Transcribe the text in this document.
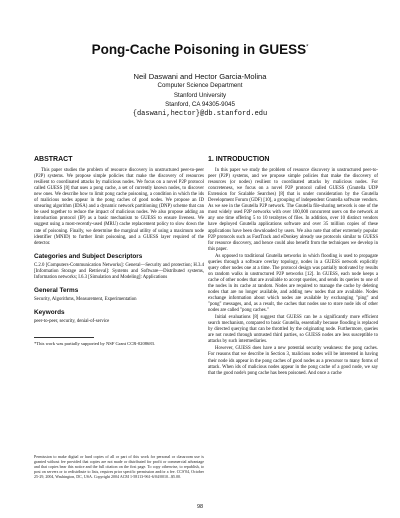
Pong-Cache Poisoning in GUESS*
Neil Daswani and Hector Garcia-Molina
Computer Science Department
Stanford University
Stanford, CA 94305-9045
{daswani,hector}@db.stanford.edu
ABSTRACT

This paper studies the problem of resource discovery in unstructured peer-to-peer (P2P) systems. We propose simple policies that make the discovery of resources resilient to coordinated attacks by malicious nodes. We focus on a novel P2P protocol called GUESS [8] that uses a pong cache, a set of currently known nodes, to discover new ones. We describe how to limit pong cache poisoning, a condition in which the ids of malicious nodes appear in the pong caches of good nodes. We propose an ID smearing algorithm (IDSA) and a dynamic network partitioning (DNP) scheme that can be used together to reduce the impact of malicious nodes. We also propose adding an introduction protocol (IP) as a basic mechanism to GUESS to ensure liveness. We suggest using a most-recently-used (MRU) cache replacement policy to slow down the rate of poisoning. Finally, we determine the marginal utility of using a maximum node identifier (MNID) to further limit poisoning, and a GUESS layer required of the detector.

Categories and Subject Descriptors

C.2.0 [Computers-Communication Networks]: General—Security and protection; H.3.4 [Information Storage and Retrieval]: Systems and Software—Distributed systems, Information networks; I.6.3 [Simulation and Modeling]: Applications

General Terms

Security, Algorithms, Measurement, Experimentation

Keywords

peer-to-peer, security, denial-of-service

*This work was partially supported by NSF Grant CCR-0208683.

Permission to make digital or hard copies of all or part of this work for personal or classroom use is granted without fee provided that copies are not made or distributed for profit or commercial advantage and that copies bear this notice and the full citation on the first page. To copy otherwise, to republish, to post on servers or to redistribute to lists, requires prior specific permission and/or a fee. CCS'04, October 25-29, 2004, Washington, DC, USA. Copyright 2004 ACM 1-58113-961-6/04/0010...$5.00.
1. INTRODUCTION

In this paper we study the problem of resource discovery in unstructured peer-to-peer (P2P) systems, and we propose simple policies that make the discovery of resources (or nodes) resilient to coordinated attacks by malicious nodes. For concreteness, we focus on a novel P2P protocol called GUESS (Gnutella UDP Extension for Scalable Searches) [8] that is under consideration by the Gnutella Development Forum (GDF) [10], a grouping of independent Gnutella software vendors. As we see in the Gnutella P2P network. The Gnutella file-sharing network is one of the most widely used P2P networks with over 100,000 concurrent users on the network at any one time offering 5 to 10 terabytes of files. In addition, over 10 distinct vendors have deployed Gnutella applications software and over 35 million copies of these applications have been downloaded by users. We also note that other extremely popular P2P protocols such as FastTrack and eDonkey already use protocols similar to GUESS for resource discovery, and hence could also benefit from the techniques we develop in this paper.

As opposed to traditional Gnutella networks in which flooding is used to propagate queries through a software overlay topology, nodes in a GUESS network explicitly query other nodes one at a time. The protocol design was partially motivated by results on random walks in unstructured P2P networks [12]. In GUESS, each node keeps a cache of other nodes that are available to accept queries, and sends its queries to one of the nodes in its cache at random. Nodes are required to manage the cache by deleting nodes that are no longer available, and adding new nodes that are available. Nodes exchange information about which nodes are available by exchanging "ping" and "pong" messages, and, as a result, the caches that nodes use to store node ids of other nodes are called "pong caches."

Initial evaluations [8] suggest that GUESS can be a significantly more efficient search mechanism, compared to basic Gnutella, essentially because flooding is replaced by directed querying that can be throttled by the originating node. Furthermore, queries are not routed through untrusted third parties, so GUESS nodes are less susceptible to attacks by such intermediaries.

However, GUESS does have a new potential security weakness: the pong caches. For reasons that we describe in Section 3, malicious nodes will be interested in having their node ids appear in the pong caches of good nodes as a precursor to many forms of attack. When ids of malicious nodes appear in the pong cache of a good node, we say that the good node's pong cache has been poisoned. And once a cache

98
